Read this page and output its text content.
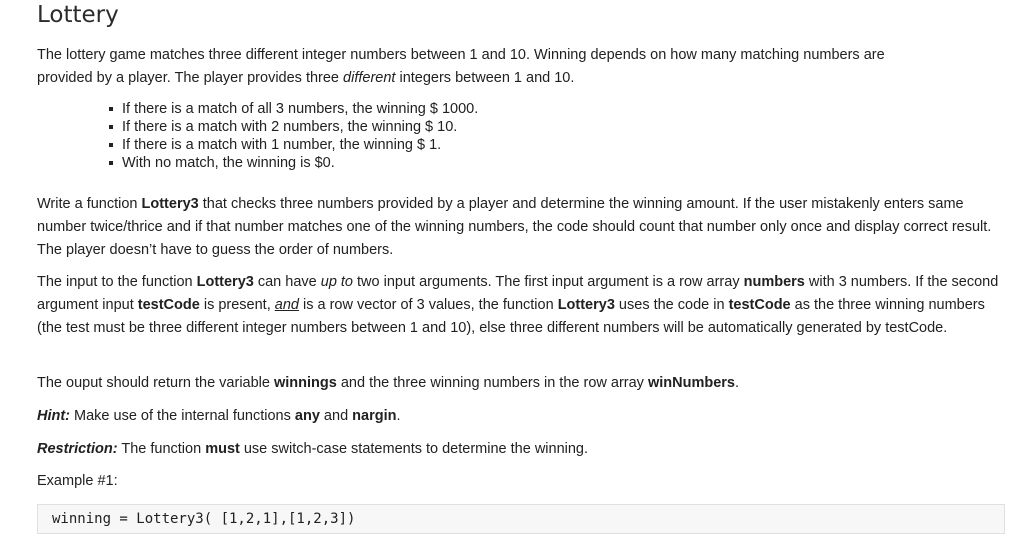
Lottery

The lottery game matches three different integer numbers between 1 and 10. Winning depends on how many matching numbers are

provided by a player. The player provides three different integers between 1 and 10.

If there is a match of all 3 numbers, the winning $ 1000.
If there is a match with 2 numbers, the winning $ 10.
If there is a match with 1 number, the winning $ 1.
With no match, the winning is $0.

Write a function Lottery3 that checks three numbers provided by a player and determine the winning amount. If the user mistakenly enters same number twice/thrice and if that number matches one of the winning numbers, the code should count that number only once and display correct result. The player doesn’t have to guess the order of numbers.

The input to the function Lottery3 can have up to two input arguments. The first input argument is a row array numbers with 3 numbers. If the second argument input testCode is present, and is a row vector of 3 values, the function Lottery3 uses the code in testCode as the three winning numbers (the test must be three different integer numbers between 1 and 10), else three different numbers will be automatically generated by testCode.

The ouput should return the variable winnings and the three winning numbers in the row array winNumbers.

Hint: Make use of the internal functions any and nargin.

Restriction: The function must use switch-case statements to determine the winning.

Example #1:

winning = Lottery3( [1,2,1],[1,2,3])
